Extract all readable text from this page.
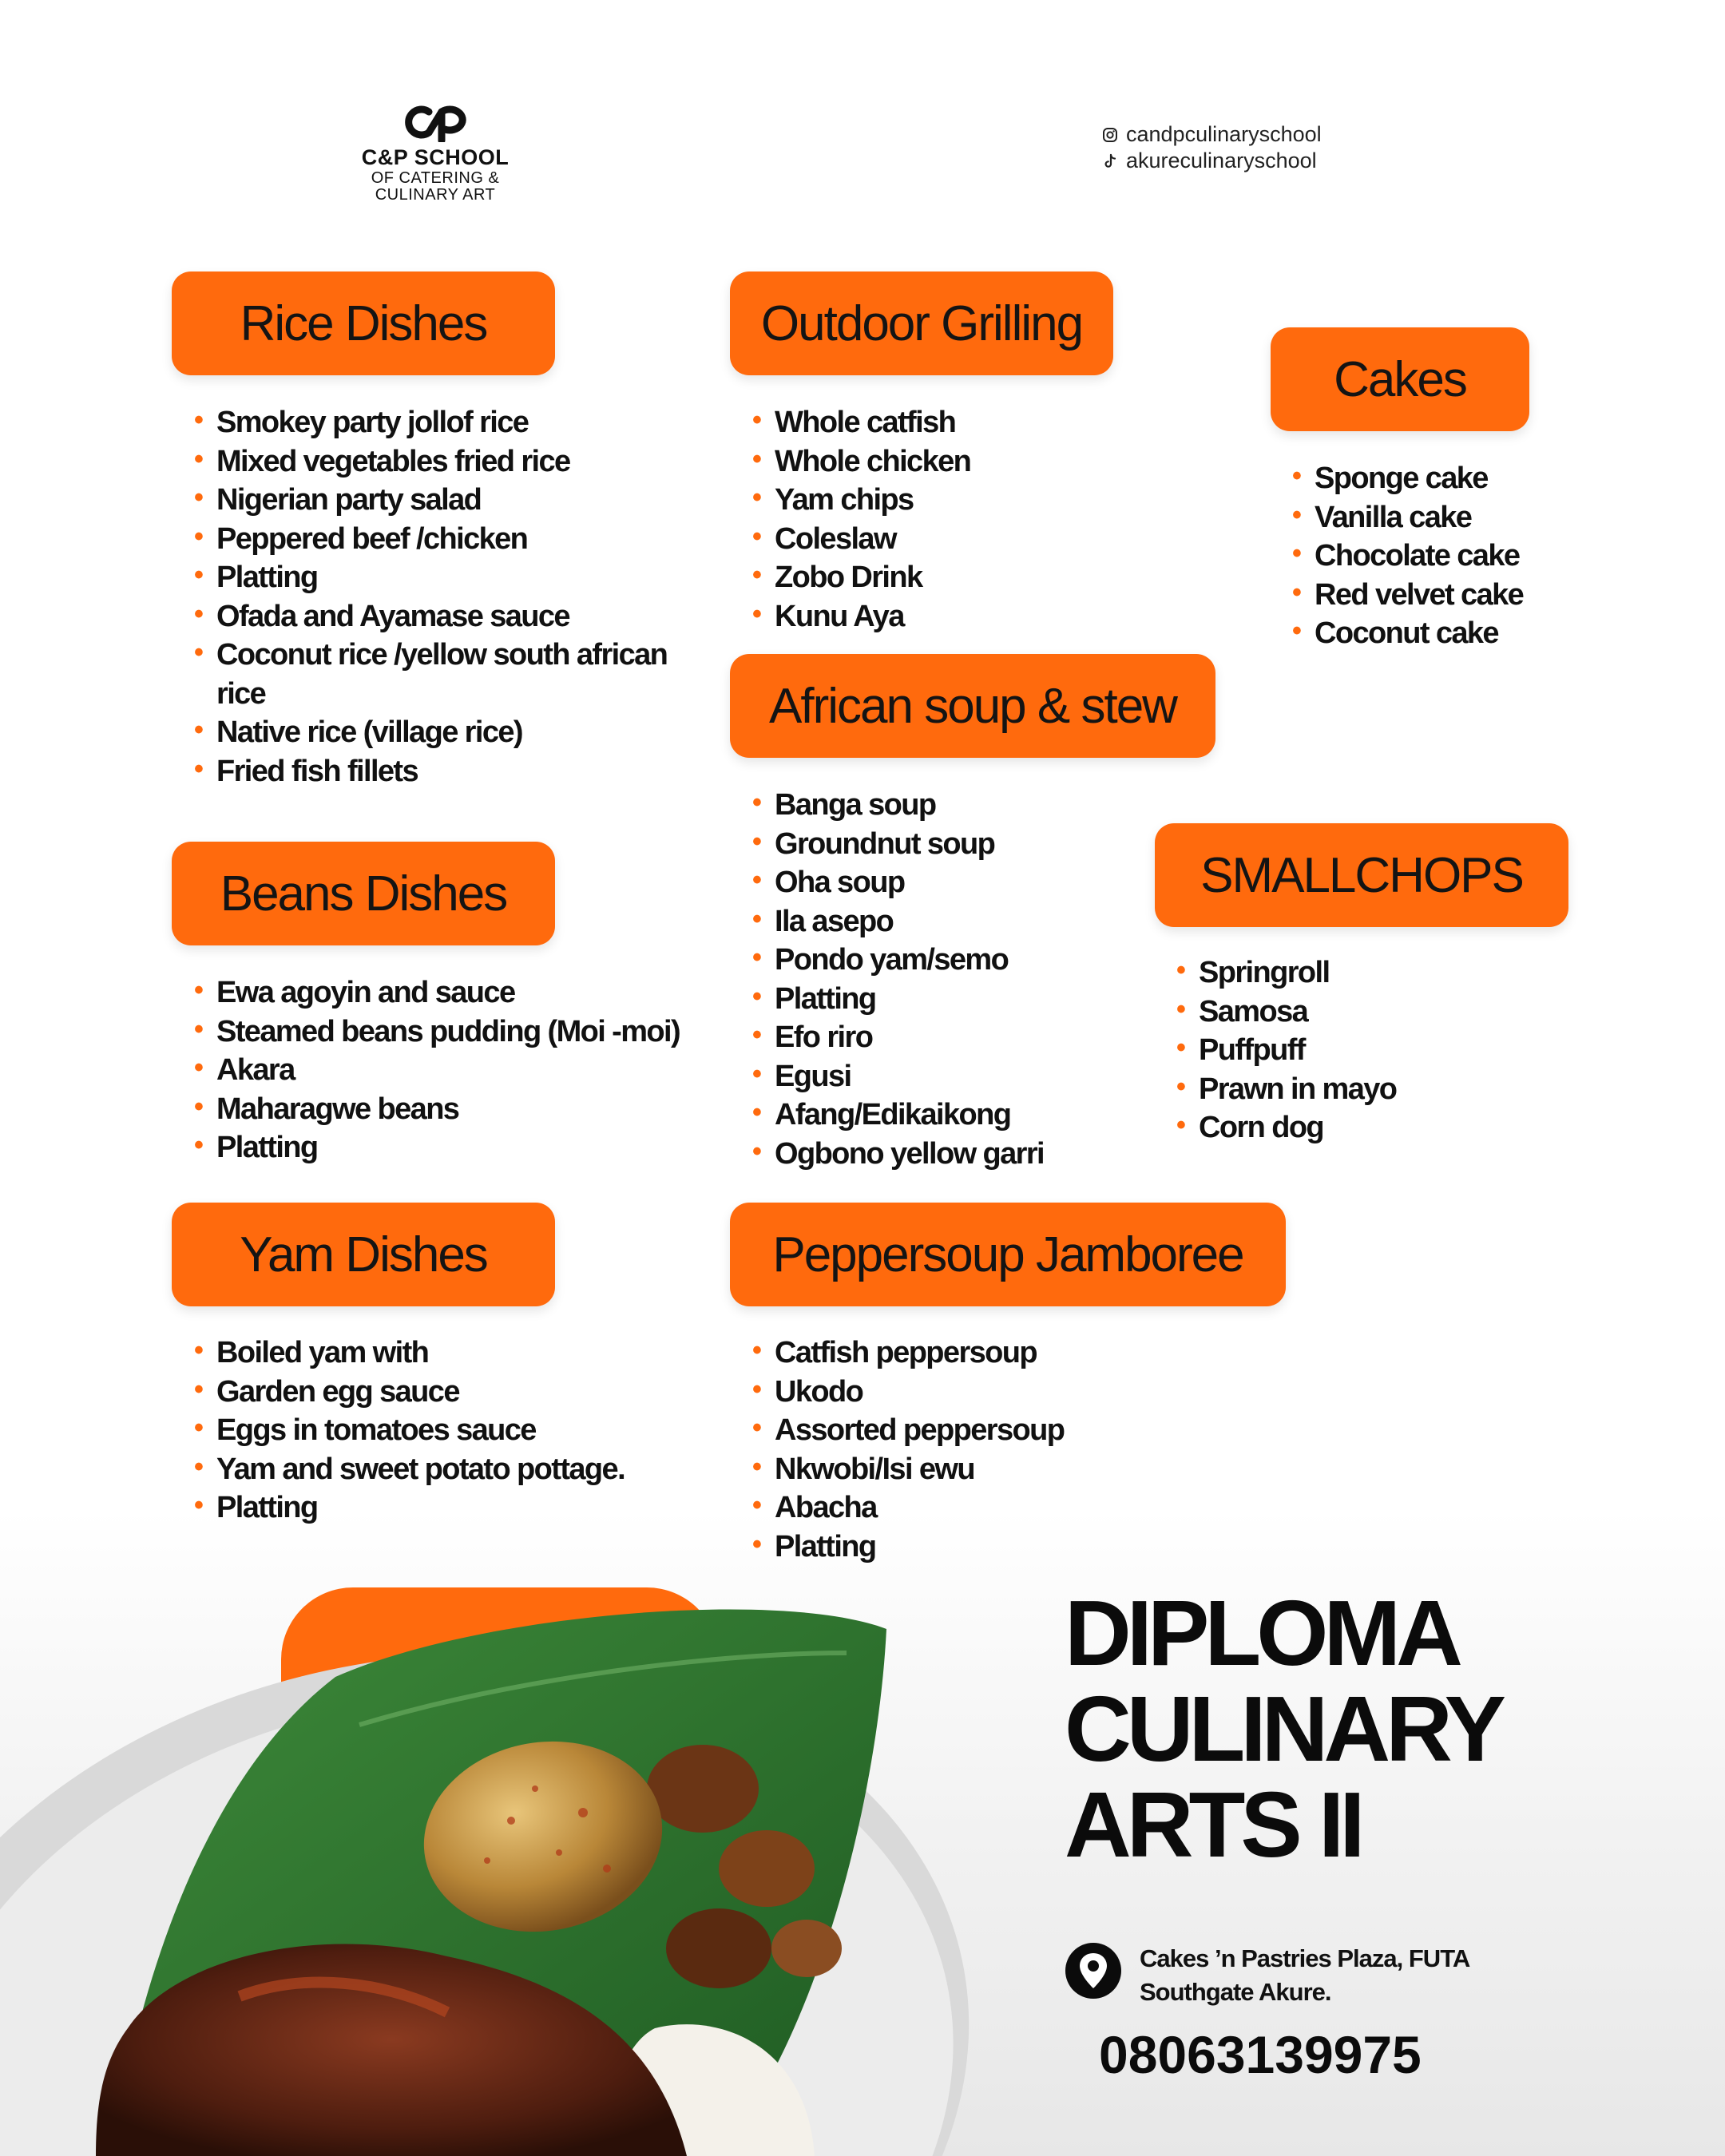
C&P SCHOOL
OF CATERING &
CULINARY ART
candpculinaryschool
akureculinaryschool
Rice Dishes
• Smokey party jollof rice
• Mixed vegetables fried rice
• Nigerian party salad
• Peppered beef /chicken
• Platting
• Ofada and Ayamase sauce
• Coconut rice /yellow south african rice
• Native rice (village rice)
• Fried fish fillets
Outdoor Grilling
• Whole catfish
• Whole chicken
• Yam chips
• Coleslaw
• Zobo Drink
• Kunu Aya
Cakes
• Sponge cake
• Vanilla cake
• Chocolate cake
• Red velvet cake
• Coconut cake
African soup & stew
• Banga soup
• Groundnut soup
• Oha soup
• Ila asepo
• Pondo yam/semo
• Platting
• Efo riro
• Egusi
• Afang/Edikaikong
• Ogbono yellow garri
Beans Dishes
• Ewa agoyin and sauce
• Steamed beans pudding (Moi -moi)
• Akara
• Maharagwe beans
• Platting
SMALLCHOPS
• Springroll
• Samosa
• Puffpuff
• Prawn in mayo
• Corn dog
Yam Dishes
• Boiled yam with
• Garden egg sauce
• Eggs in tomatoes sauce
• Yam and sweet potato pottage.
• Platting
Peppersoup Jamboree
• Catfish peppersoup
• Ukodo
• Assorted peppersoup
• Nkwobi/Isi ewu
• Abacha
• Platting
DIPLOMA
CULINARY
ARTS II
Cakes ’n Pastries Plaza, FUTA
Southgate Akure.
08063139975
